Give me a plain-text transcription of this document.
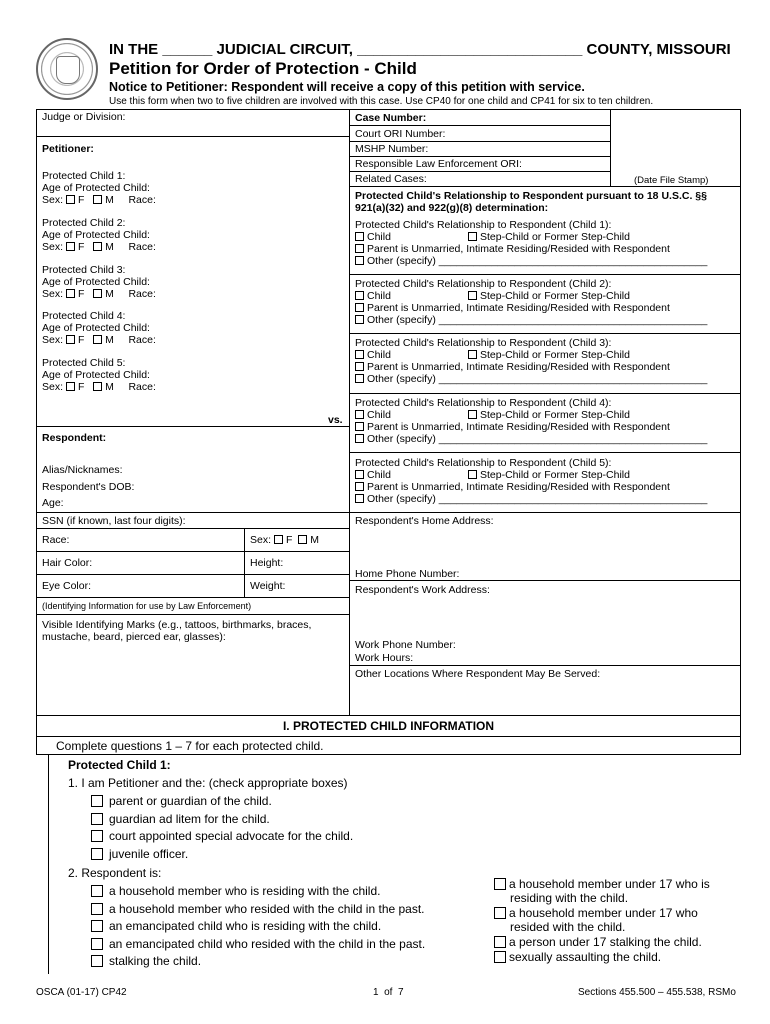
IN THE ______ JUDICIAL CIRCUIT, ___________________________ COUNTY, MISSOURI
Petition for Order of Protection - Child
Notice to Petitioner: Respondent will receive a copy of this petition with service.
Use this form when two to five children are involved with this case. Use CP40 for one child and CP41 for six to ten children.
Judge or Division:
Petitioner:
Protected Child 1:
Age of Protected Child:
Sex: F M Race:
Protected Child 2:
Age of Protected Child:
Sex: F M Race:
Protected Child 3:
Age of Protected Child:
Sex: F M Race:
Protected Child 4:
Age of Protected Child:
Sex: F M Race:
Protected Child 5:
Age of Protected Child:
Sex: F M Race:
vs.
Respondent:
Alias/Nicknames:
Respondent's DOB:
Age:
SSN (if known, last four digits):
Race:	Sex: F M
Hair Color:	Height:
Eye Color:	Weight:
(Identifying Information for use by Law Enforcement)
Visible Identifying Marks (e.g., tattoos, birthmarks, braces, mustache, beard, pierced ear, glasses):
Case Number:
Court ORI Number:
MSHP Number:
Responsible Law Enforcement ORI:
Related Cases:	(Date File Stamp)
Protected Child's Relationship to Respondent pursuant to 18 U.S.C. §§ 921(a)(32) and 922(g)(8) determination:
Protected Child's Relationship to Respondent (Child 1):
Child	Step-Child or Former Step-Child
Parent is Unmarried, Intimate Residing/Resided with Respondent
Other (specify) ______________________________________________
Protected Child's Relationship to Respondent (Child 2):
Child	Step-Child or Former Step-Child
Parent is Unmarried, Intimate Residing/Resided with Respondent
Other (specify) ______________________________________________
Protected Child's Relationship to Respondent (Child 3):
Child	Step-Child or Former Step-Child
Parent is Unmarried, Intimate Residing/Resided with Respondent
Other (specify) ______________________________________________
Protected Child's Relationship to Respondent (Child 4):
Child	Step-Child or Former Step-Child
Parent is Unmarried, Intimate Residing/Resided with Respondent
Other (specify) ______________________________________________
Protected Child's Relationship to Respondent (Child 5):
Child	Step-Child or Former Step-Child
Parent is Unmarried, Intimate Residing/Resided with Respondent
Other (specify) ______________________________________________
Respondent's Home Address:
Home Phone Number:
Respondent's Work Address:
Work Phone Number:
Work Hours:
Other Locations Where Respondent May Be Served:
I. PROTECTED CHILD INFORMATION
Complete questions 1 – 7 for each protected child.
Protected Child 1:
1. I am Petitioner and the: (check appropriate boxes)
parent or guardian of the child.
guardian ad litem for the child.
court appointed special advocate for the child.
juvenile officer.
2. Respondent is:
a household member who is residing with the child.
a household member who resided with the child in the past.
an emancipated child who is residing with the child.
an emancipated child who resided with the child in the past.
stalking the child.
a household member under 17 who is residing with the child.
a household member under 17 who resided with the child.
a person under 17 stalking the child.
sexually assaulting the child.
OSCA (01-17) CP42	1  of  7	Sections 455.500 – 455.538, RSMo
